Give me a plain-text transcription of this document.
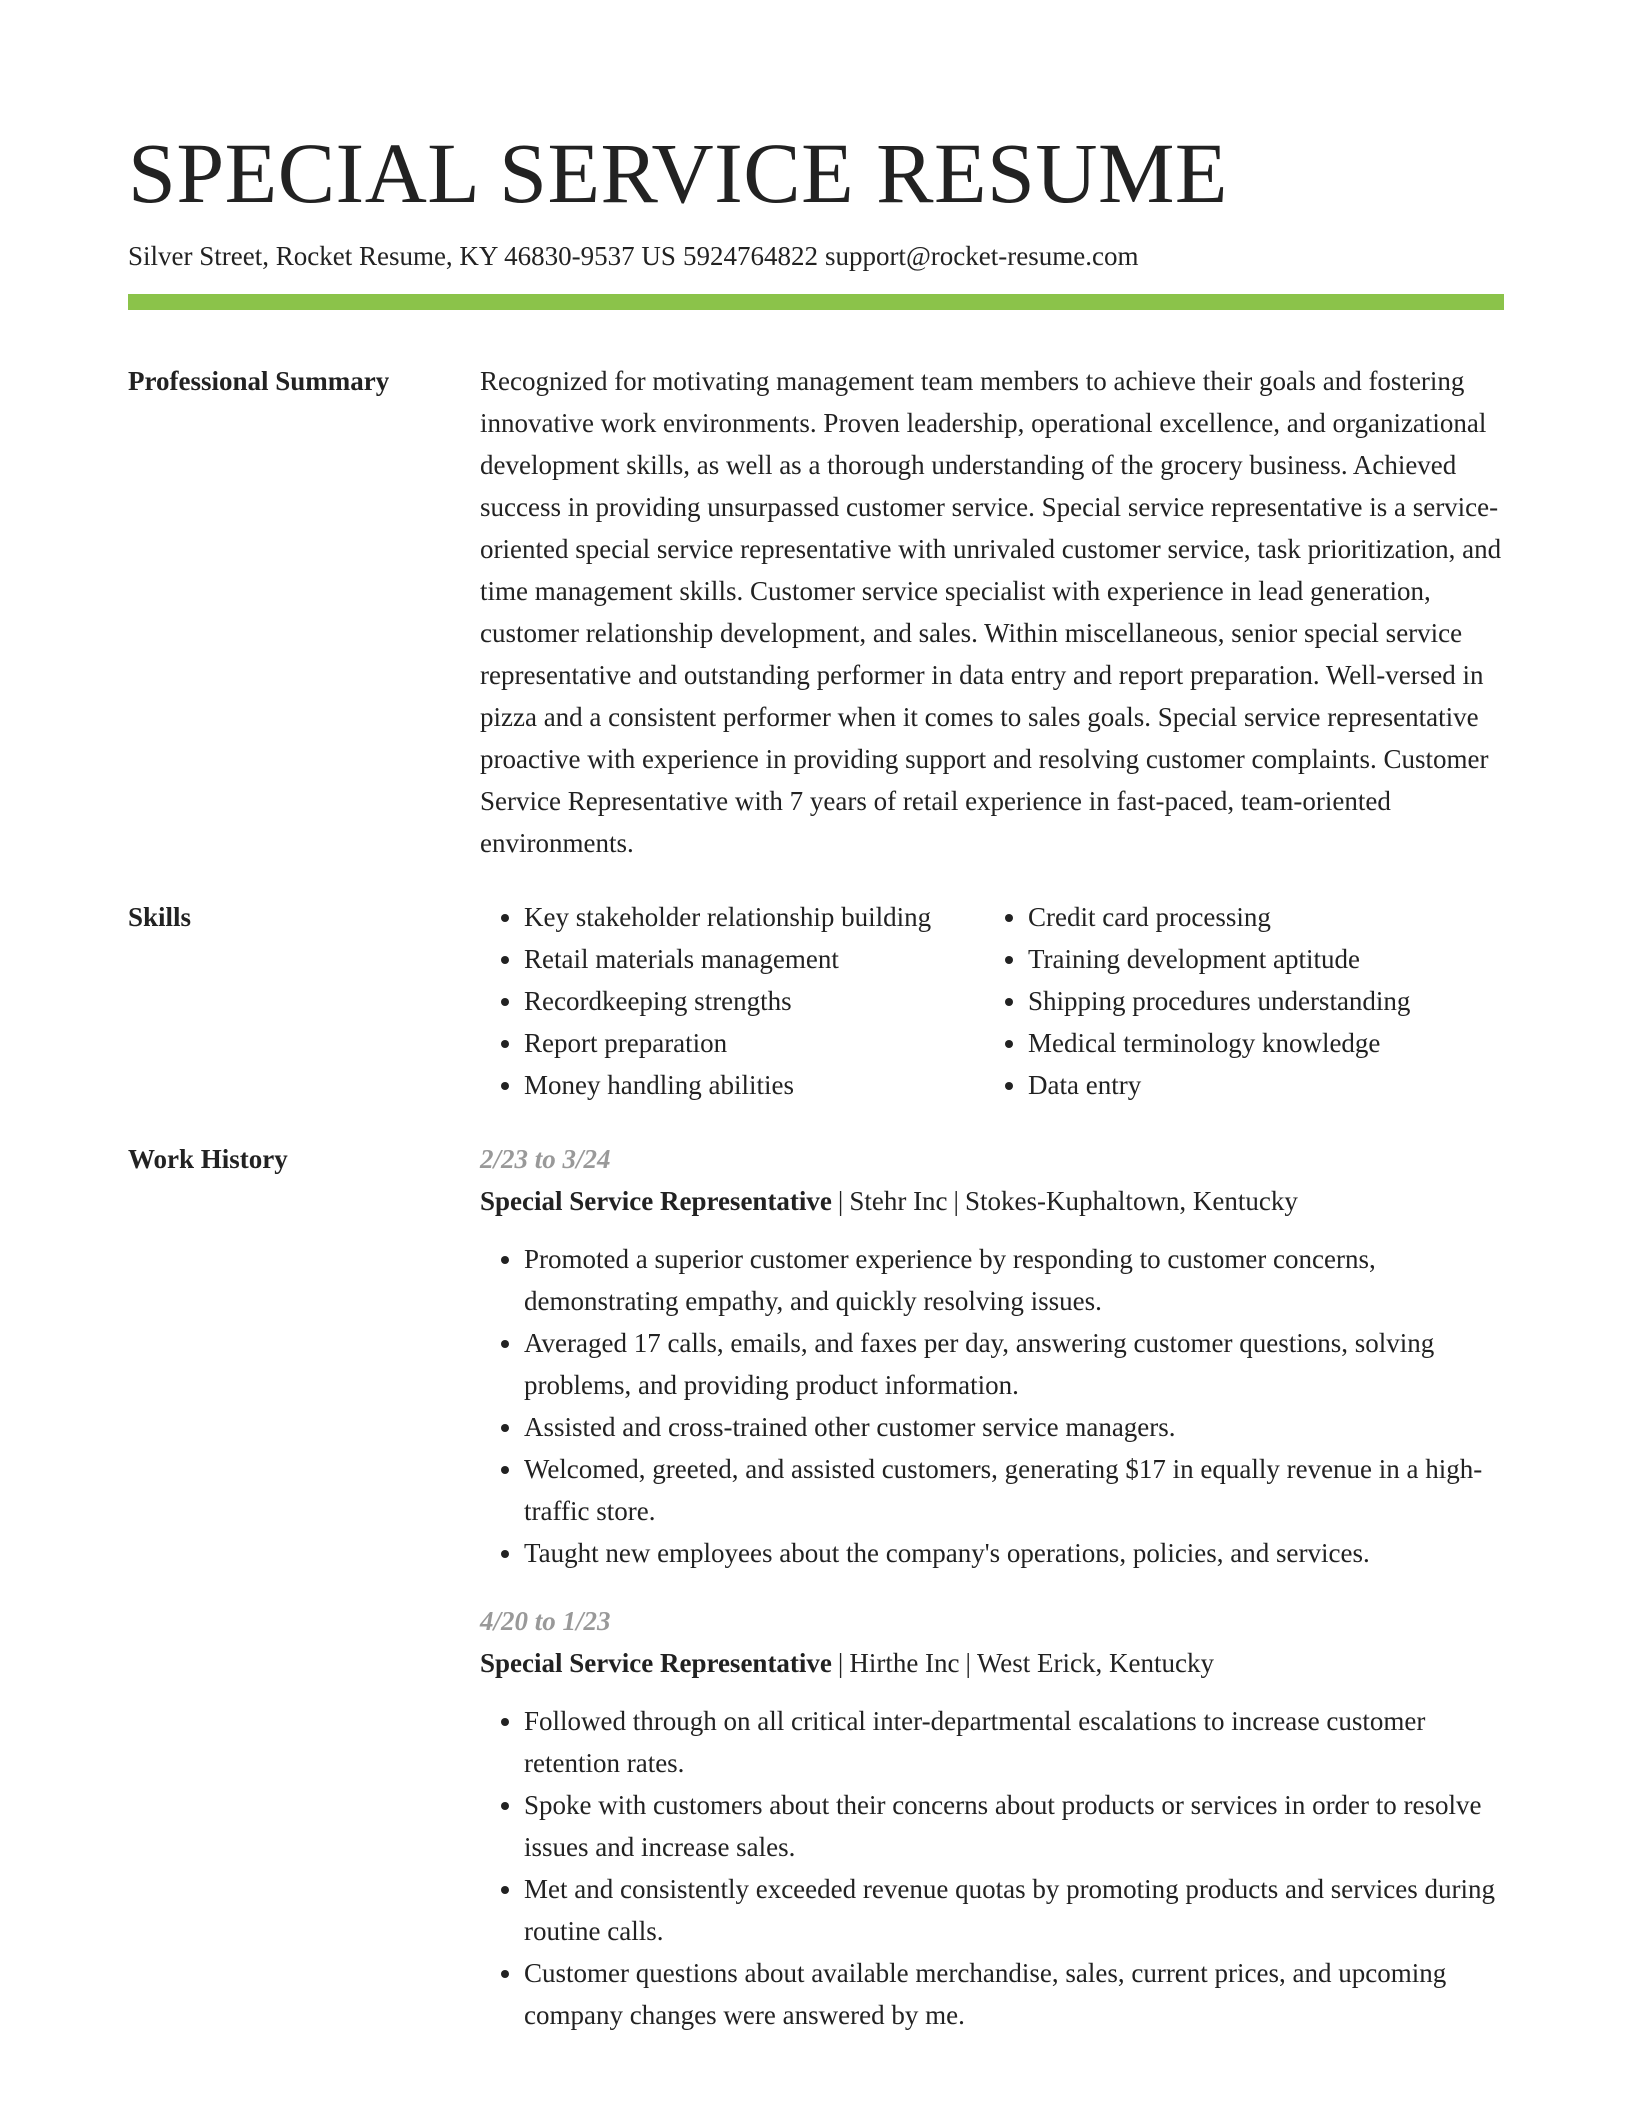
SPECIAL SERVICE RESUME
Silver Street, Rocket Resume, KY 46830-9537 US 5924764822 support@rocket-resume.com
Professional Summary	Recognized for motivating management team members to achieve their goals and fostering innovative work environments. Proven leadership, operational excellence, and organizational development skills, as well as a thorough understanding of the grocery business. Achieved success in providing unsurpassed customer service. Special service representative is a service-oriented special service representative with unrivaled customer service, task prioritization, and time management skills. Customer service specialist with experience in lead generation, customer relationship development, and sales. Within miscellaneous, senior special service representative and outstanding performer in data entry and report preparation. Well-versed in pizza and a consistent performer when it comes to sales goals. Special service representative proactive with experience in providing support and resolving customer complaints. Customer Service Representative with 7 years of retail experience in fast-paced, team-oriented environments.
Skills
•	Key stakeholder relationship building
• Retail materials management
• Recordkeeping strengths
• Report preparation
• Money handling abilities
• Credit card processing
• Training development aptitude
• Shipping procedures understanding
• Medical terminology knowledge
• Data entry
Work History	2/23 to 3/24
Special Service Representative | Stehr Inc | Stokes-Kuphaltown, Kentucky
• Promoted a superior customer experience by responding to customer concerns, demonstrating empathy, and quickly resolving issues.
• Averaged 17 calls, emails, and faxes per day, answering customer questions, solving problems, and providing product information.
• Assisted and cross-trained other customer service managers.
• Welcomed, greeted, and assisted customers, generating $17 in equally revenue in a high-traffic store.
• Taught new employees about the company's operations, policies, and services.
4/20 to 1/23
Special Service Representative | Hirthe Inc | West Erick, Kentucky
• Followed through on all critical inter-departmental escalations to increase customer retention rates.
• Spoke with customers about their concerns about products or services in order to resolve issues and increase sales.
• Met and consistently exceeded revenue quotas by promoting products and services during routine calls.
• Customer questions about available merchandise, sales, current prices, and upcoming company changes were answered by me.
